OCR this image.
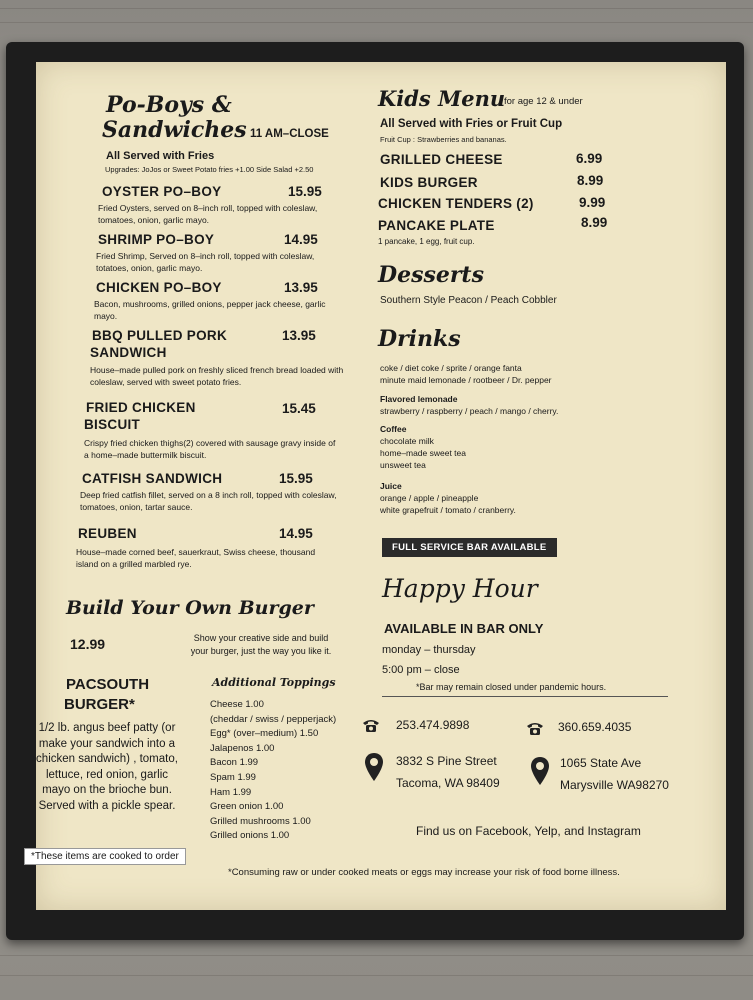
Po-Boys &
Sandwiches 11 AM–CLOSE
All Served with Fries
Upgrades: JoJos or Sweet Potato fries +1.00 Side Salad +2.50
OYSTER PO–BOY	15.95
Fried Oysters, served on 8–inch roll, topped with coleslaw, tomatoes, onion, garlic mayo.
SHRIMP PO–BOY	14.95
Fried Shrimp, Served on 8–inch roll, topped with coleslaw, totatoes, onion, garlic mayo.
CHICKEN PO–BOY	13.95
Bacon, mushrooms, grilled onions, pepper jack cheese, garlic mayo.
BBQ PULLED PORK
SANDWICH
13.95
House–made pulled pork on freshly sliced french bread loaded with coleslaw, served with sweet potato fries.
FRIED CHICKEN
BISCUIT
15.45
Crispy fried chicken thighs(2) covered with sausage gravy inside of a home–made buttermilk biscuit.
CATFISH SANDWICH	15.95
Deep fried catfish fillet, served on a 8 inch roll, topped with coleslaw, tomatoes, onion, tartar sauce.
REUBEN	14.95
House–made corned beef, sauerkraut, Swiss cheese, thousand island on a grilled marbled rye.
Build Your Own Burger
12.99	Show your creative side and build your burger, just the way you like it.
PACSOUTH
BURGER*
1/2 lb. angus beef patty (or make your sandwich into a chicken sandwich) , tomato, lettuce, red onion, garlic mayo on the brioche bun. Served with a pickle spear.
Additional Toppings
Cheese 1.00
(cheddar / swiss / pepperjack)
Egg* (over–medium) 1.50
Jalapenos 1.00
Bacon 1.99
Spam 1.99
Ham 1.99
Green onion 1.00
Grilled mushrooms 1.00
Grilled onions 1.00
*These items are cooked to order
Kids Menu
for age 12 & under
All Served with Fries or Fruit Cup
Fruit Cup : Strawberries and bananas.
GRILLED CHEESE	6.99
KIDS BURGER	8.99
CHICKEN TENDERS (2)	9.99
PANCAKE PLATE	8.99
1 pancake, 1 egg, fruit cup.
Desserts
Southern Style Peacon / Peach Cobbler
Drinks
coke / diet coke / sprite / orange fanta
minute maid lemonade / rootbeer / Dr. pepper
Flavored lemonade
strawberry / raspberry / peach / mango / cherry.
Coffee
chocolate milk
home–made sweet tea
unsweet tea
Juice
orange / apple / pineapple
white grapefruit / tomato / cranberry.
FULL SERVICE BAR AVAILABLE
Happy Hour
AVAILABLE IN BAR ONLY
monday – thursday
5:00 pm – close
*Bar may remain closed under pandemic hours.
253.474.9898	360.659.4035
3832 S Pine Street
Tacoma, WA 98409
1065 State Ave
Marysville WA98270
Find us on Facebook, Yelp, and Instagram
*Consuming raw or under cooked meats or eggs may increase your risk of food borne illness.
